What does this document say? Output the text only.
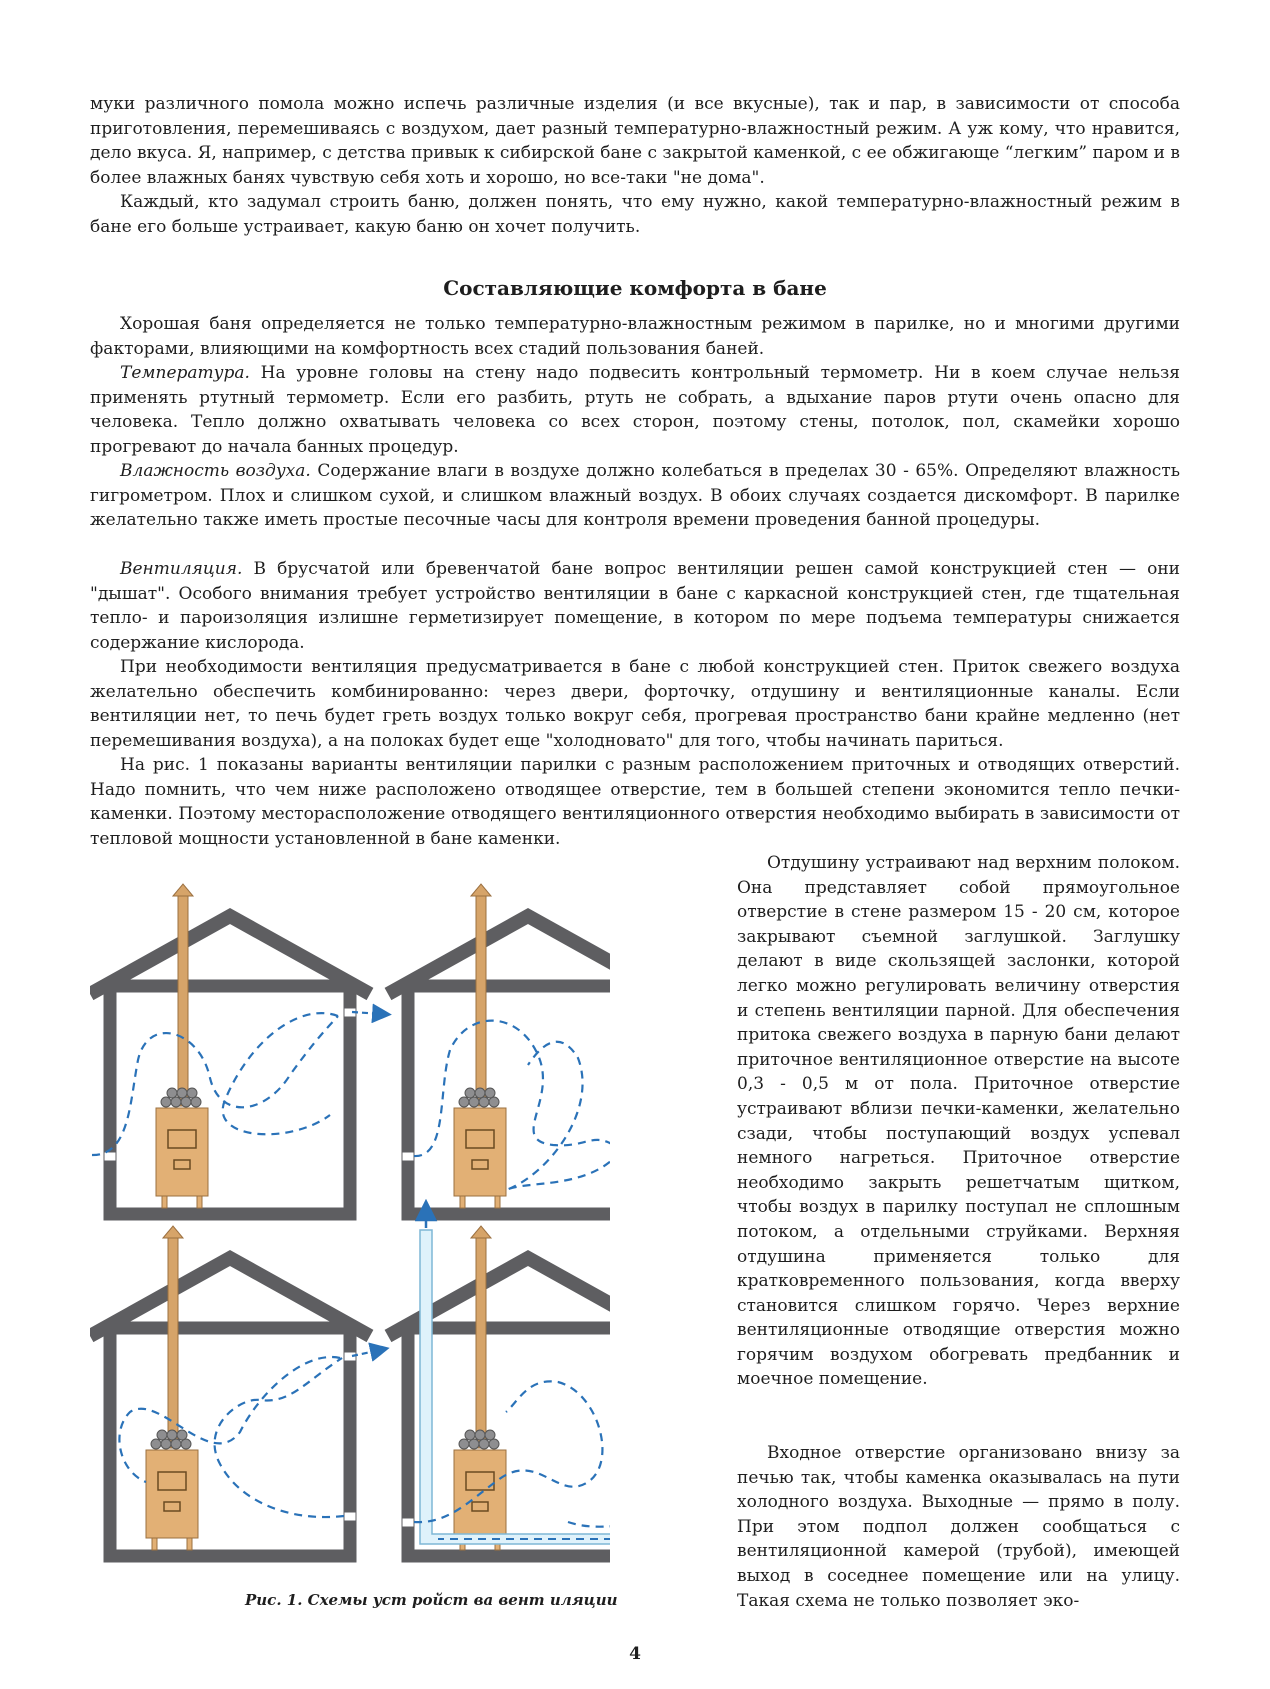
муки различного помола можно испечь различные изделия (и все вкусные), так и пар, в зависимости от способа приготовления, перемешиваясь с воздухом, дает разный температурно-влажностный режим. А уж кому, что нравится, дело вкуса. Я, например, с детства привык к сибирской бане с закрытой каменкой, с ее обжигающе “легким” паром и в более влажных банях чувствую себя хоть и хорошо, но все-таки "не дома".

Каждый, кто задумал строить баню, должен понять, что ему нужно, какой температурно-влажностный режим в бане его больше устраивает, какую баню он хочет получить.

Составляющие комфорта в бане

Хорошая баня определяется не только температурно-влажностным режимом в парилке, но и многими другими факторами, влияющими на комфортность всех стадий пользования баней.

Температура. На уровне головы на стену надо подвесить контрольный термометр. Ни в коем случае нельзя применять ртутный термометр. Если его разбить, ртуть не собрать, а вдыхание паров ртути очень опасно для человека. Тепло должно охватывать человека со всех сторон, поэтому стены, потолок, пол, скамейки хорошо прогревают до начала банных процедур.

Влажность воздуха. Содержание влаги в воздухе должно колебаться в пределах 30 - 65%. Определяют влажность гигрометром. Плох и слишком сухой, и слишком влажный воздух. В обоих случаях создается дискомфорт. В парилке желательно также иметь простые песочные часы для контроля времени проведения банной процедуры.

Вентиляция. В брусчатой или бревенчатой бане вопрос вентиляции решен самой конструкцией стен — они "дышат". Особого внимания требует устройство вентиляции в бане с каркасной конструкцией стен, где тщательная тепло- и пароизоляция излишне герметизирует помещение, в котором по мере подъема температуры снижается содержание кислорода.

При необходимости вентиляция предусматривается в бане с любой конструкцией стен. Приток свежего воздуха желательно обеспечить комбинированно: через двери, форточку, отдушину и вентиляционные каналы. Если вентиляции нет, то печь будет греть воздух только вокруг себя, прогревая пространство бани крайне медленно (нет перемешивания воздуха), а на полоках будет еще "холодновато" для того, чтобы начинать париться.

На рис. 1 показаны варианты вентиляции парилки с разным расположением приточных и отводящих отверстий. Надо помнить, что чем ниже расположено отводящее отверстие, тем в большей степени экономится тепло печки-каменки. Поэтому месторасположение отводящего вентиляционного отверстия необходимо выбирать в зависимости от тепловой мощности установленной в бане каменки.

Отдушину устраивают над верхним полоком. Она представляет собой прямоугольное отверстие в стене размером 15 - 20 см, которое закрывают съемной заглушкой. Заглушку делают в виде скользящей заслонки, которой легко можно регулировать величину отверстия и степень вентиляции парной. Для обеспечения притока свежего воздуха в парную бани делают приточное вентиляционное отверстие на высоте 0,3 - 0,5 м от пола. Приточное отверстие устраивают вблизи печки-каменки, желательно сзади, чтобы поступающий воздух успевал немного нагреться. Приточное отверстие необходимо закрыть решетчатым щитком, чтобы воздух в парилку поступал не сплошным потоком, а отдельными струйками. Верхняя отдушина применяется только для кратковременного пользования, когда вверху становится слишком горячо. Через верхние вентиляционные отводящие отверстия можно горячим воздухом обогревать предбанник и моечное помещение.

Входное отверстие организовано внизу за печью так, чтобы каменка оказывалась на пути холодного воздуха. Выходные — прямо в полу. При этом подпол должен сообщаться с вентиляционной камерой (трубой), имеющей выход в соседнее помещение или на улицу. Такая схема не только позволяет эко-

Рис. 1. Схемы уст ройст ва вент иляции

4
